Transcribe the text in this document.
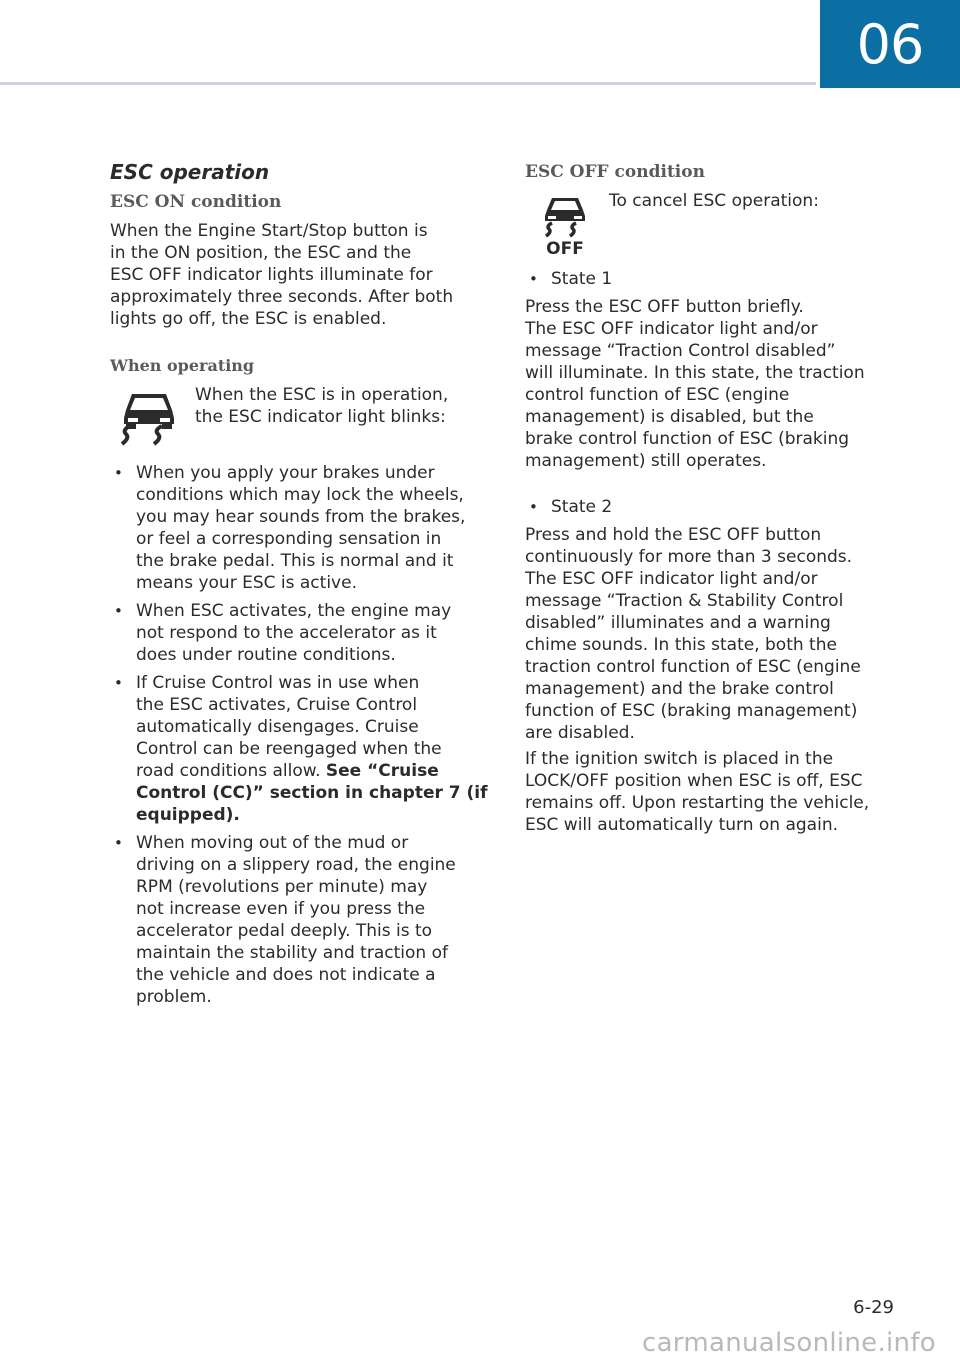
06
ESC operation
ESC ON condition
When the Engine Start/Stop button is
in the ON position, the ESC and the
ESC OFF indicator lights illuminate for
approximately three seconds. After both
lights go off, the ESC is enabled.
When operating
When the ESC is in operation,
the ESC indicator light blinks:
• When you apply your brakes under
conditions which may lock the wheels,
you may hear sounds from the brakes,
or feel a corresponding sensation in
the brake pedal. This is normal and it
means your ESC is active.
• When ESC activates, the engine may
not respond to the accelerator as it
does under routine conditions.
• If Cruise Control was in use when
the ESC activates, Cruise Control
automatically disengages. Cruise
Control can be reengaged when the
road conditions allow. See “Cruise
Control (CC)” section in chapter 7 (if
equipped).
• When moving out of the mud or
driving on a slippery road, the engine
RPM (revolutions per minute) may
not increase even if you press the
accelerator pedal deeply. This is to
maintain the stability and traction of
the vehicle and does not indicate a
problem.
ESC OFF condition
OFF
To cancel ESC operation:
• State 1
Press the ESC OFF button briefly.
The ESC OFF indicator light and/or
message “Traction Control disabled”
will illuminate. In this state, the traction
control function of ESC (engine
management) is disabled, but the
brake control function of ESC (braking
management) still operates.
• State 2
Press and hold the ESC OFF button
continuously for more than 3 seconds.
The ESC OFF indicator light and/or
message “Traction & Stability Control
disabled” illuminates and a warning
chime sounds. In this state, both the
traction control function of ESC (engine
management) and the brake control
function of ESC (braking management)
are disabled.
If the ignition switch is placed in the
LOCK/OFF position when ESC is off, ESC
remains off. Upon restarting the vehicle,
ESC will automatically turn on again.
6-29
carmanualsonline.info
